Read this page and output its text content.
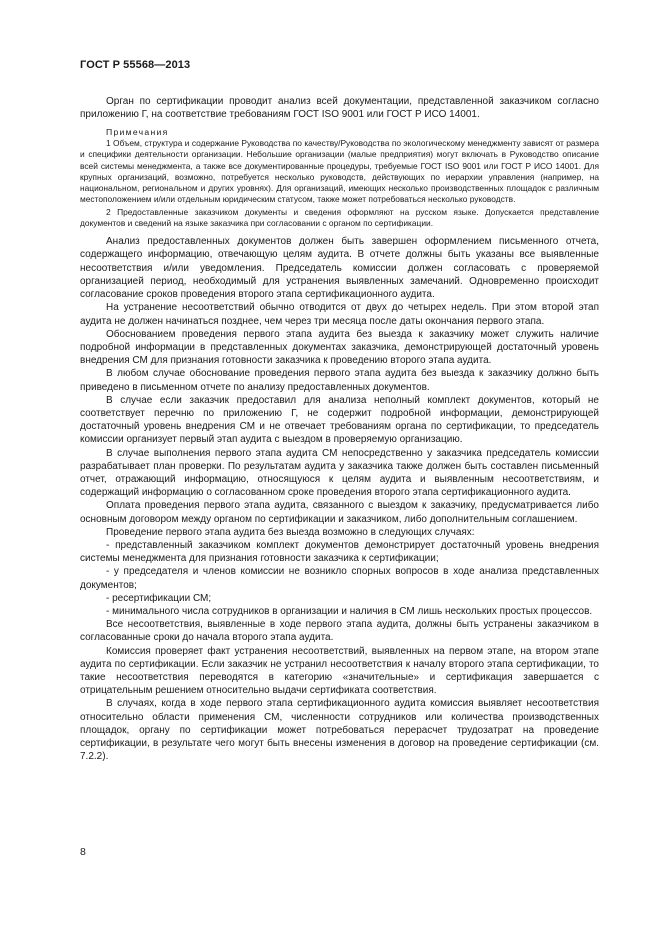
ГОСТ Р 55568—2013

Орган по сертификации проводит анализ всей документации, представленной заказчиком согласно приложению Г, на соответствие требованиям ГОСТ ISO 9001 или ГОСТ Р ИСО 14001.

Примечания

1 Объем, структура и содержание Руководства по качеству/Руководства по экологическому менеджменту зависят от размера и специфики деятельности организации. Небольшие организации (малые предприятия) могут включать в Руководство описание всей системы менеджмента, а также все документированные процедуры, требуемые ГОСТ ISO 9001 или ГОСТ Р ИСО 14001. Для крупных организаций, возможно, потребуется несколько руководств, действующих по иерархии управления (например, на национальном, региональном и других уровнях). Для организаций, имеющих несколько производственных площадок с различным местоположением и/или отдельным юридическим статусом, также может потребоваться несколько руководств.

2 Предоставленные заказчиком документы и сведения оформляют на русском языке. Допускается представление документов и сведений на языке заказчика при согласовании с органом по сертификации.

Анализ предоставленных документов должен быть завершен оформлением письменного отчета, содержащего информацию, отвечающую целям аудита. В отчете должны быть указаны все выявленные несоответствия и/или уведомления. Председатель комиссии должен согласовать с проверяемой организацией период, необходимый для устранения выявленных замечаний. Одновременно происходит согласование сроков проведения второго этапа сертификационного аудита.

На устранение несоответствий обычно отводится от двух до четырех недель. При этом второй этап аудита не должен начинаться позднее, чем через три месяца после даты окончания первого этапа.

Обоснованием проведения первого этапа аудита без выезда к заказчику может служить наличие подробной информации в представленных документах заказчика, демонстрирующей достаточный уровень внедрения СМ для признания готовности заказчика к проведению второго этапа аудита.

В любом случае обоснование проведения первого этапа аудита без выезда к заказчику должно быть приведено в письменном отчете по анализу предоставленных документов.

В случае если заказчик предоставил для анализа неполный комплект документов, который не соответствует перечню по приложению Г, не содержит подробной информации, демонстрирующей достаточный уровень внедрения СМ и не отвечает требованиям органа по сертификации, то председатель комиссии организует первый этап аудита с выездом в проверяемую организацию.

В случае выполнения первого этапа аудита СМ непосредственно у заказчика председатель комиссии разрабатывает план проверки. По результатам аудита у заказчика также должен быть составлен письменный отчет, отражающий информацию, относящуюся к целям аудита и выявленным несоответствиям, и содержащий информацию о согласованном сроке проведения второго этапа сертификационного аудита.

Оплата проведения первого этапа аудита, связанного с выездом к заказчику, предусматривается либо основным договором между органом по сертификации и заказчиком, либо дополнительным соглашением.

Проведение первого этапа аудита без выезда возможно в следующих случаях:

- представленный заказчиком комплект документов демонстрирует достаточный уровень внедрения системы менеджмента для признания готовности заказчика к сертификации;

- у председателя и членов комиссии не возникло спорных вопросов в ходе анализа представленных документов;

- ресертификации СМ;

- минимального числа сотрудников в организации и наличия в СМ лишь нескольких простых процессов.

Все несоответствия, выявленные в ходе первого этапа аудита, должны быть устранены заказчиком в согласованные сроки до начала второго этапа аудита.

Комиссия проверяет факт устранения несоответствий, выявленных на первом этапе, на втором этапе аудита по сертификации. Если заказчик не устранил несоответствия к началу второго этапа сертификации, то такие несоответствия переводятся в категорию «значительные» и сертификация завершается с отрицательным решением относительно выдачи сертификата соответствия.

В случаях, когда в ходе первого этапа сертификационного аудита комиссия выявляет несоответствия относительно области применения СМ, численности сотрудников или количества производственных площадок, органу по сертификации может потребоваться перерасчет трудозатрат на проведение сертификации, в результате чего могут быть внесены изменения в договор на проведение сертификации (см. 7.2.2).

8
